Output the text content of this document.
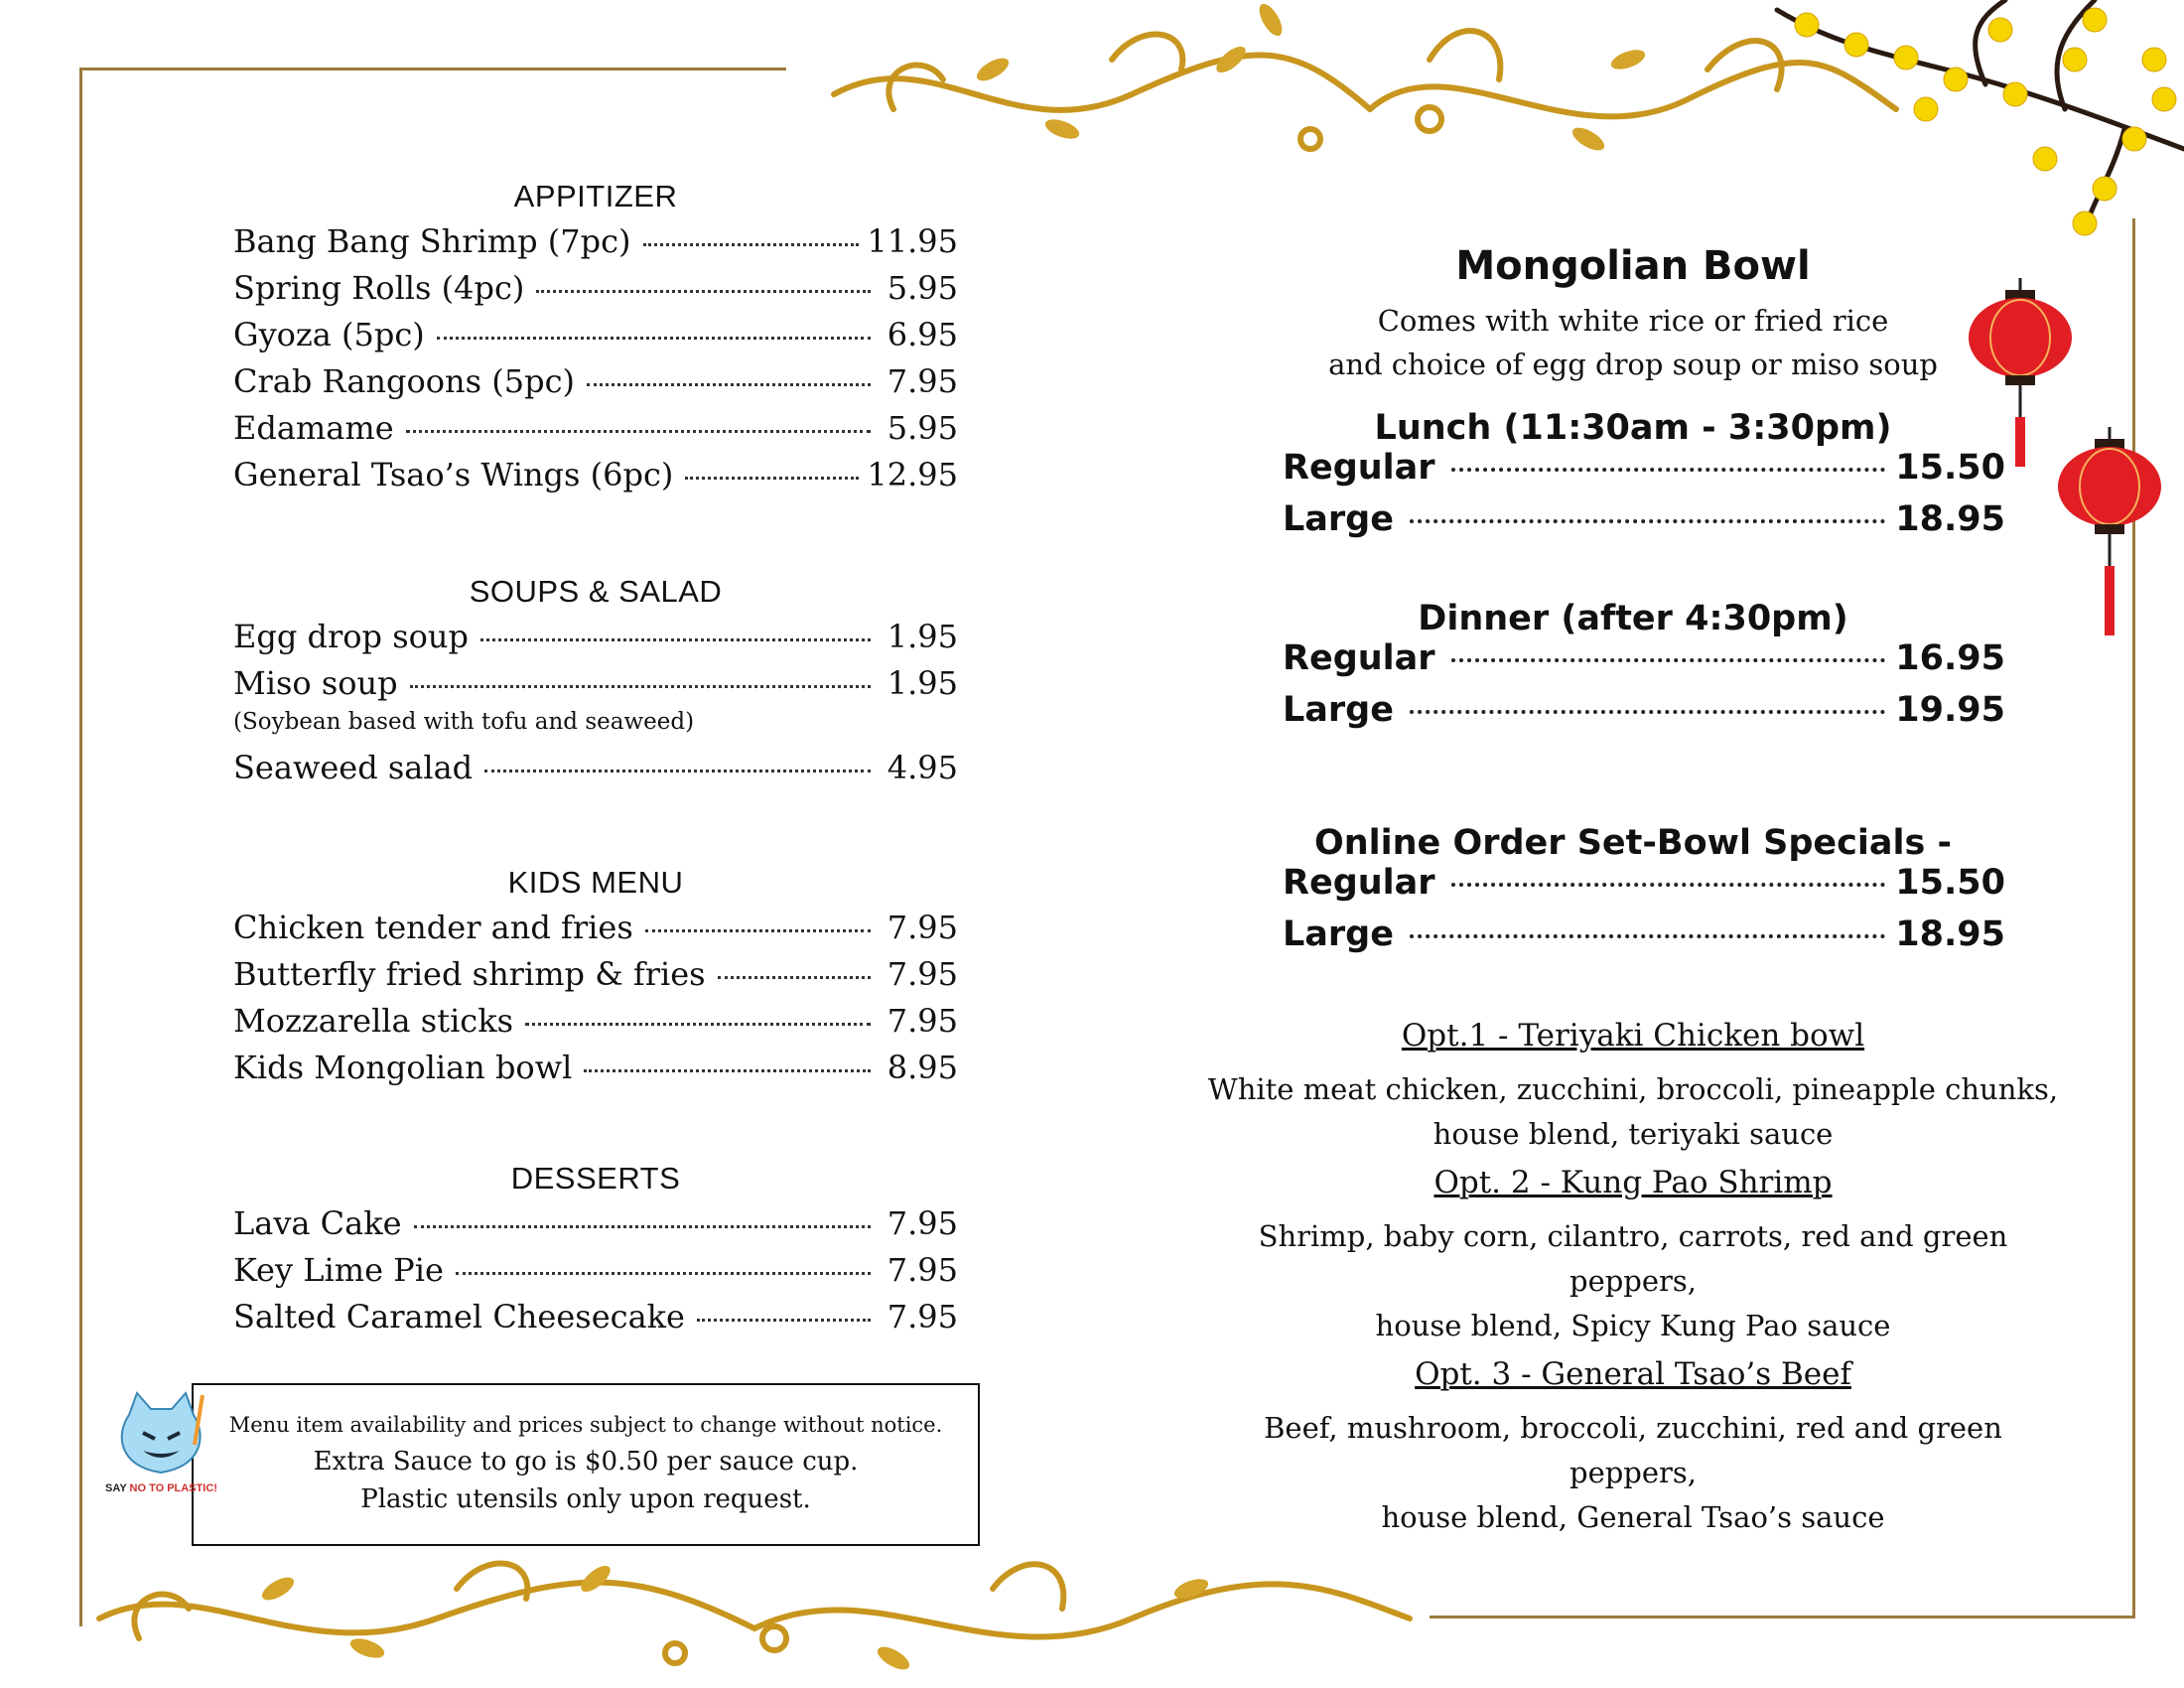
APPITIZER
Bang Bang Shrimp (7pc)	11.95
Spring Rolls (4pc)	5.95
Gyoza (5pc)	6.95
Crab Rangoons (5pc)	7.95
Edamame	5.95
General Tsao’s Wings (6pc)	12.95
SOUPS & SALAD
Egg drop soup	1.95
Miso soup	1.95
(Soybean based with tofu and seaweed)
Seaweed salad	4.95
KIDS MENU
Chicken tender and fries	7.95
Butterfly fried shrimp & fries	7.95
Mozzarella sticks	7.95
Kids Mongolian bowl	8.95
DESSERTS
Lava Cake	7.95
Key Lime Pie	7.95
Salted Caramel Cheesecake	7.95
Menu item availability and prices subject to change without notice.
Extra Sauce to go is $0.50 per sauce cup.
Plastic utensils only upon request.
SAY NO TO PLASTIC!
Mongolian Bowl
Comes with white rice or fried rice
and choice of egg drop soup or miso soup
Lunch (11:30am - 3:30pm)
Regular	15.50
Large	18.95
Dinner (after 4:30pm)
Regular	16.95
Large	19.95
Online Order Set-Bowl Specials -
Regular	15.50
Large	18.95
Opt.1 - Teriyaki Chicken bowl
White meat chicken, zucchini, broccoli, pineapple chunks,
house blend, teriyaki sauce
Opt. 2 - Kung Pao Shrimp
Shrimp, baby corn, cilantro, carrots, red and green peppers,
house blend, Spicy Kung Pao sauce
Opt. 3 - General Tsao’s Beef
Beef, mushroom, broccoli, zucchini, red and green peppers,
house blend, General Tsao’s sauce
